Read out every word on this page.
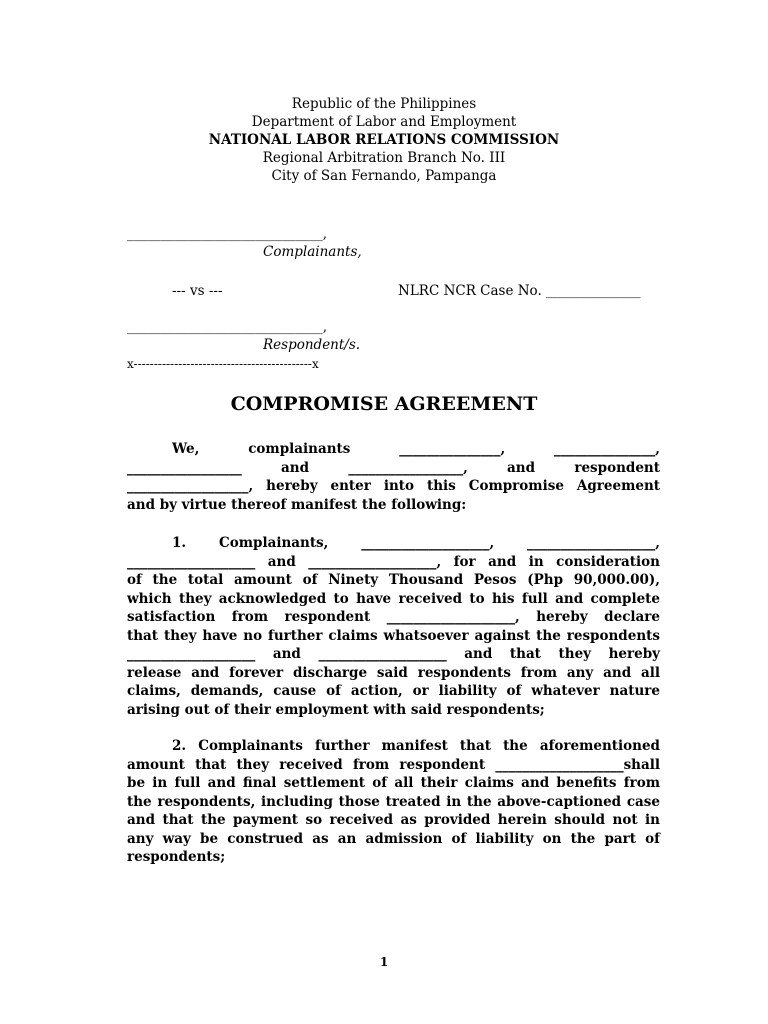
Republic of the Philippines
Department of Labor and Employment
NATIONAL LABOR RELATIONS COMMISSION
Regional Arbitration Branch No. III
City of San Fernando, Pampanga
_____________________________,
Complainants,
--- vs ---	NLRC NCR Case No. ______________
_____________________________,
Respondent/s.
x--------------------------------------------x
COMPROMISE AGREEMENT
We, complainants _______________, _______________,
_________________ and _________________, and respondent
__________________, hereby enter into this Compromise Agreement
and by virtue thereof manifest the following:
1. Complainants, ___________________, ___________________,
___________________ and ___________________, for and in consideration
of the total amount of Ninety Thousand Pesos (Php 90,000.00),
which they acknowledged to have received to his full and complete
satisfaction from respondent ___________________, hereby declare
that they have no further claims whatsoever against the respondents
___________________ and ___________________ and that they hereby
release and forever discharge said respondents from any and all
claims, demands, cause of action, or liability of whatever nature
arising out of their employment with said respondents;
2. Complainants further manifest that the aforementioned
amount that they received from respondent ___________________shall
be in full and final settlement of all their claims and benefits from
the respondents, including those treated in the above-captioned case
and that the payment so received as provided herein should not in
any way be construed as an admission of liability on the part of
respondents;
1
